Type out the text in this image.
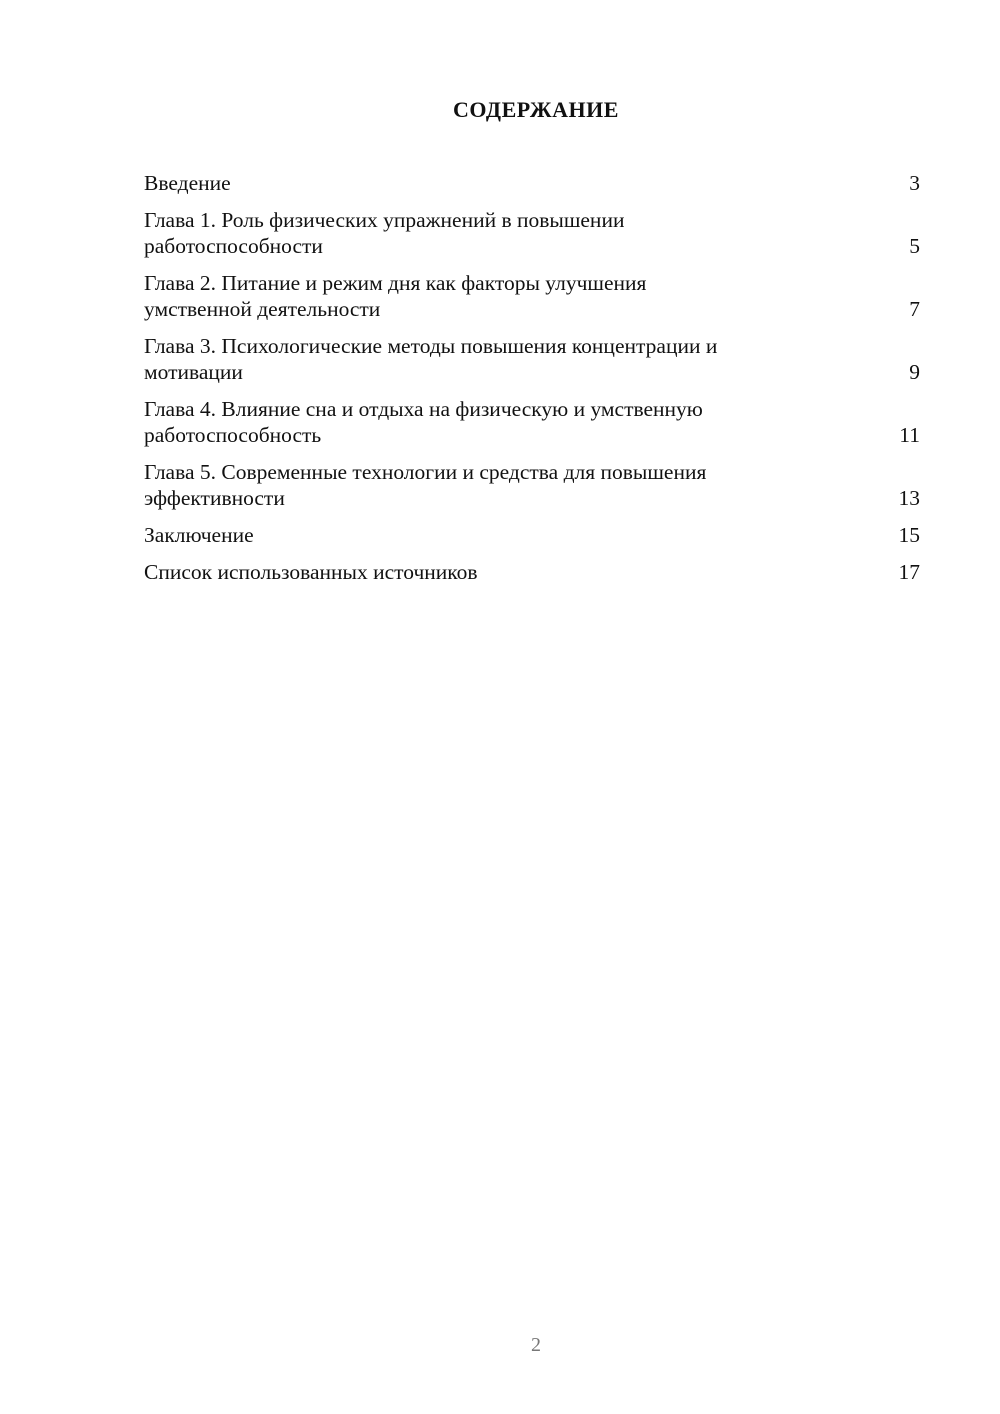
СОДЕРЖАНИЕ
Введение	3
Глава 1. Роль физических упражнений в повышении
работоспособности	5
Глава 2. Питание и режим дня как факторы улучшения
умственной деятельности	7
Глава 3. Психологические методы повышения концентрации и
мотивации	9
Глава 4. Влияние сна и отдыха на физическую и умственную
работоспособность	11
Глава 5. Современные технологии и средства для повышения
эффективности	13
Заключение	15
Список использованных источников	17
2
